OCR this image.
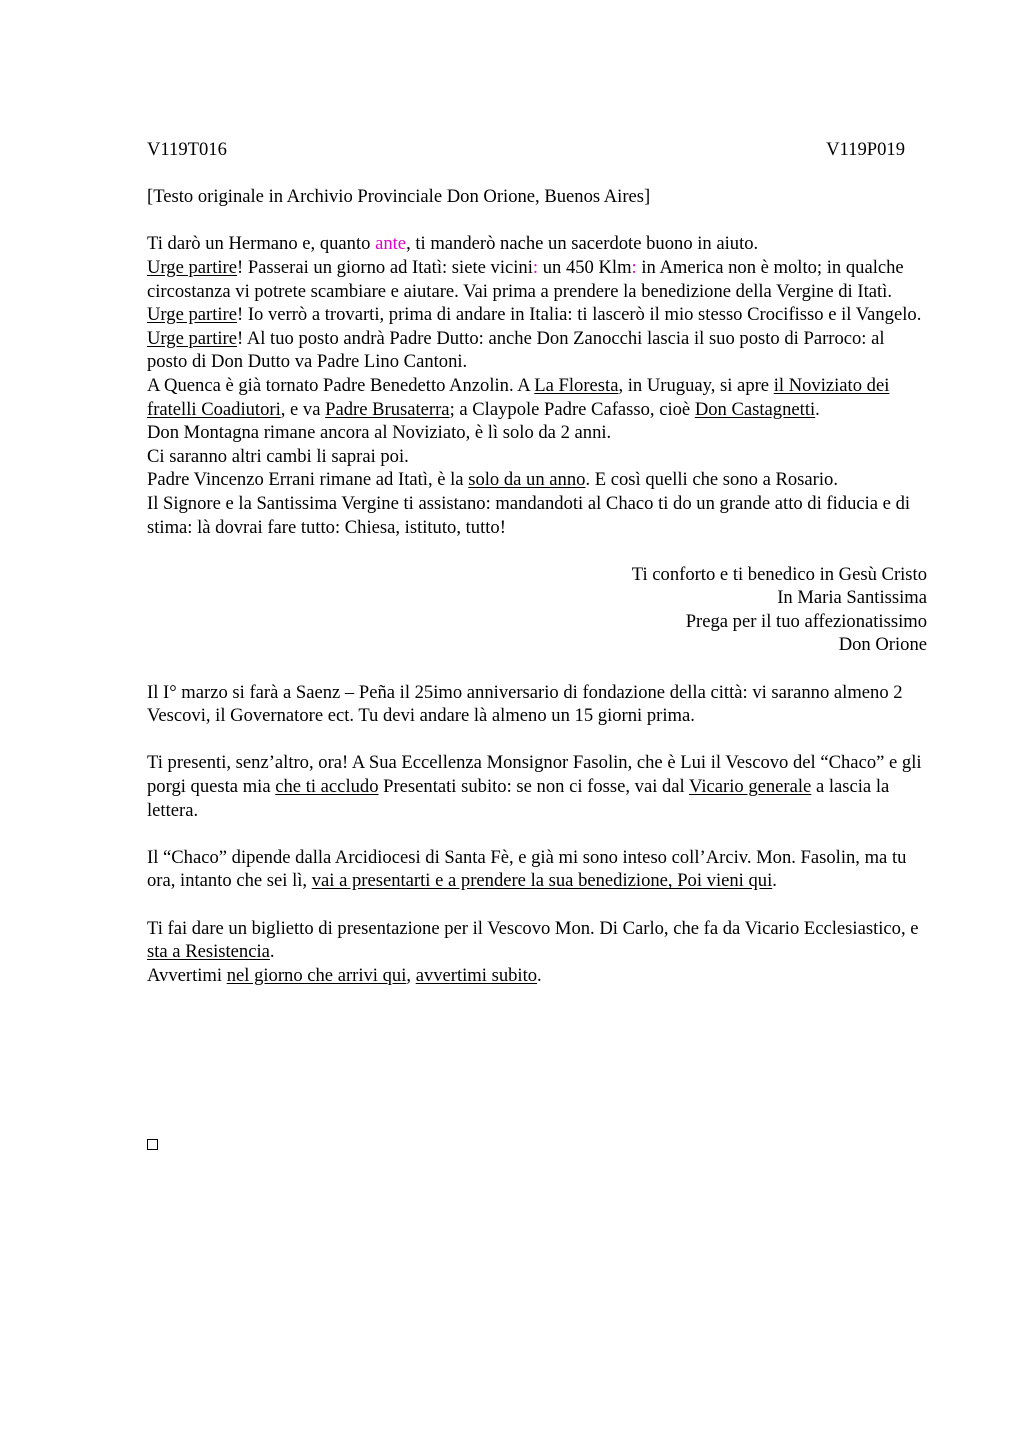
V119T016	V119P019

[Testo originale in Archivio Provinciale Don Orione, Buenos Aires]

Ti darò un Hermano e, quanto ante, ti manderò nache un sacerdote buono in aiuto.

Urge partire! Passerai un giorno ad Itatì: siete vicini: un 450 Klm: in America non è molto; in qualche circostanza vi potrete scambiare e aiutare. Vai prima a prendere la benedizione della Vergine di Itatì.

Urge partire! Io verrò a trovarti, prima di andare in Italia: ti lascerò il mio stesso Crocifisso e il Vangelo.

Urge partire! Al tuo posto andrà Padre Dutto: anche Don Zanocchi lascia il suo posto di Parroco: al posto di Don Dutto va Padre Lino Cantoni.

A Quenca è già tornato Padre Benedetto Anzolin. A La Floresta, in Uruguay, si apre il Noviziato dei fratelli Coadiutori, e va Padre Brusaterra; a Claypole Padre Cafasso, cioè Don Castagnetti.

Don Montagna rimane ancora al Noviziato, è lì solo da 2 anni.

Ci saranno altri cambi li saprai poi.

Padre Vincenzo Errani rimane ad Itatì, è la solo da un anno. E così quelli che sono a Rosario.

Il Signore e la Santissima Vergine ti assistano: mandandoti al Chaco ti do un grande atto di fiducia e di stima: là dovrai fare tutto: Chiesa, istituto, tutto!

Ti conforto e ti benedico in Gesù Cristo
In Maria Santissima
Prega per il tuo affezionatissimo
Don Orione

Il I° marzo si farà a Saenz – Peña il 25imo anniversario di fondazione della città: vi saranno almeno 2 Vescovi, il Governatore ect. Tu devi andare là almeno un 15 giorni prima.

Ti presenti, senz’altro, ora! A Sua Eccellenza Monsignor Fasolin, che è Lui il Vescovo del “Chaco” e gli porgi questa mia che ti accludo Presentati subito: se non ci fosse, vai dal Vicario generale a lascia la lettera.

Il “Chaco” dipende dalla Arcidiocesi di Santa Fè, e già mi sono inteso coll’Arciv. Mon. Fasolin, ma tu ora, intanto che sei lì, vai a presentarti e a prendere la sua benedizione, Poi vieni qui.

Ti fai dare un biglietto di presentazione per il Vescovo Mon. Di Carlo, che fa da Vicario Ecclesiastico, e sta a Resistencia.

Avvertimi nel giorno che arrivi qui, avvertimi subito.
